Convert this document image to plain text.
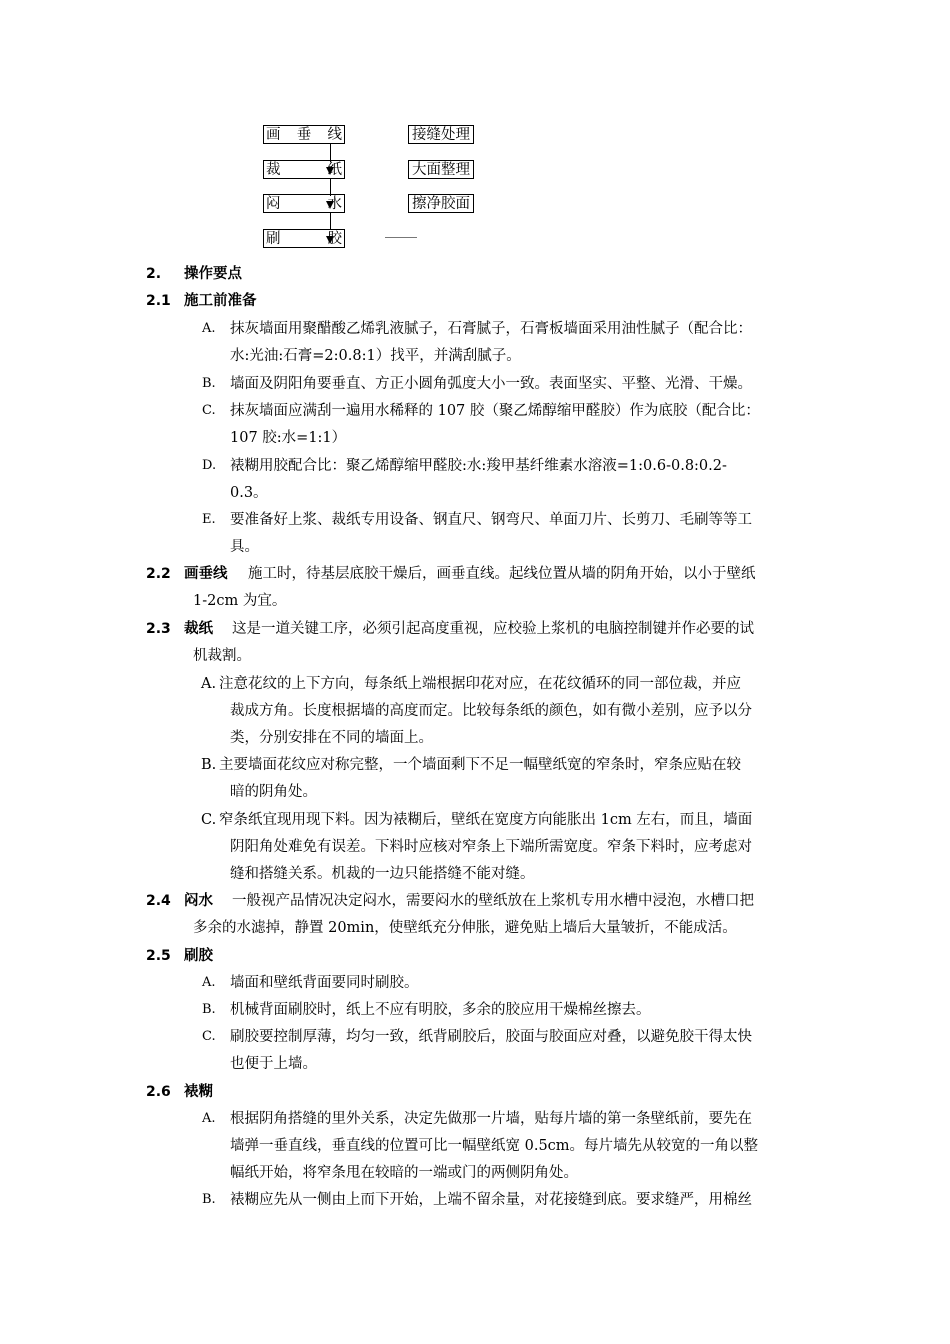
画 垂 线
裁	纸
闷	水
刷	胶
接缝处理
大面整理
擦净胶面
2. 操作要点
2.1 施工前准备
A. 抹灰墙面用聚醋酸乙烯乳液腻子，石膏腻子，石膏板墙面采用油性腻子（配合比：
水:光油:石膏=2:0.8:1）找平，并满刮腻子。
B. 墙面及阴阳角要垂直、方正小圆角弧度大小一致。表面坚实、平整、光滑、干燥。
C. 抹灰墙面应满刮一遍用水稀释的 107 胶（聚乙烯醇缩甲醛胶）作为底胶（配合比：
107 胶:水=1:1）
D. 裱糊用胶配合比：聚乙烯醇缩甲醛胶:水:羧甲基纤维素水溶液=1:0.6-0.8:0.2-
0.3。
E. 要准备好上浆、裁纸专用设备、钢直尺、钢弯尺、单面刀片、长剪刀、毛刷等等工
具。
2.2 画垂线 施工时，待基层底胶干燥后，画垂直线。起线位置从墙的阴角开始，以小于壁纸
1-2cm 为宜。
2.3 裁纸 这是一道关键工序，必须引起高度重视，应校验上浆机的电脑控制键并作必要的试
机裁割。
A. 注意花纹的上下方向，每条纸上端根据印花对应，在花纹循环的同一部位裁，并应
裁成方角。长度根据墙的高度而定。比较每条纸的颜色，如有微小差别，应予以分
类，分别安排在不同的墙面上。
B. 主要墙面花纹应对称完整，一个墙面剩下不足一幅壁纸宽的窄条时，窄条应贴在较
暗的阴角处。
C. 窄条纸宜现用现下料。因为裱糊后，壁纸在宽度方向能胀出 1cm 左右，而且，墙面
阴阳角处难免有误差。下料时应核对窄条上下端所需宽度。窄条下料时，应考虑对
缝和搭缝关系。机裁的一边只能搭缝不能对缝。
2.4 闷水 一般视产品情况决定闷水，需要闷水的壁纸放在上浆机专用水槽中浸泡，水槽口把
多余的水滤掉，静置 20min，使壁纸充分伸胀，避免贴上墙后大量皱折，不能成活。
2.5 刷胶
A. 墙面和壁纸背面要同时刷胶。
B. 机械背面刷胶时，纸上不应有明胶，多余的胶应用干燥棉丝擦去。
C. 刷胶要控制厚薄，均匀一致，纸背刷胶后，胶面与胶面应对叠，以避免胶干得太快
也便于上墙。
2.6 裱糊
A. 根据阴角搭缝的里外关系，决定先做那一片墙，贴每片墙的第一条壁纸前，要先在
墙弹一垂直线，垂直线的位置可比一幅壁纸宽 0.5cm。每片墙先从较宽的一角以整
幅纸开始，将窄条甩在较暗的一端或门的两侧阴角处。
B. 裱糊应先从一侧由上而下开始，上端不留余量，对花接缝到底。要求缝严，用棉丝
